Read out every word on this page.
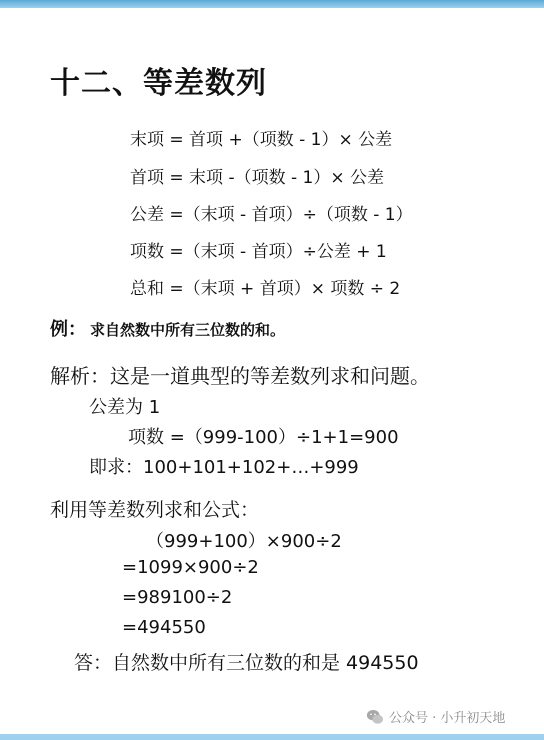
十二、等差数列
末项 = 首项 +（项数 - 1）× 公差
首项 = 末项 -（项数 - 1）× 公差
公差 =（末项 - 首项）÷（项数 - 1）
项数 =（末项 - 首项）÷公差 + 1
总和 =（末项 + 首项）× 项数 ÷ 2
例： 求自然数中所有三位数的和。
解析：这是一道典型的等差数列求和问题。
公差为 1
项数 =（999-100）÷1+1=900
即求：100+101+102+…+999
利用等差数列求和公式：
（999+100）×900÷2
=1099×900÷2
=989100÷2
=494550
答：自然数中所有三位数的和是 494550
公众号 · 小升初天地
